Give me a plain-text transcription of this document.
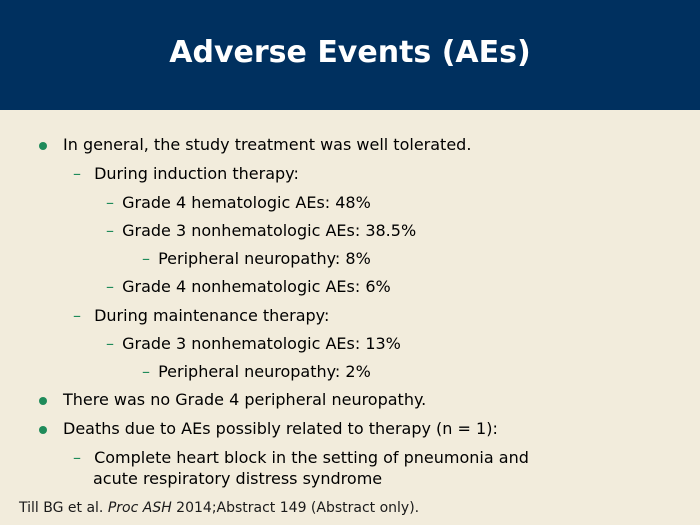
Adverse Events (AEs)
In general, the study treatment was well tolerated.
– During induction therapy:
– Grade 4 hematologic AEs: 48%
– Grade 3 nonhematologic AEs: 38.5%
– Peripheral neuropathy: 8%
– Grade 4 nonhematologic AEs: 6%
– During maintenance therapy:
– Grade 3 nonhematologic AEs: 13%
– Peripheral neuropathy: 2%
There was no Grade 4 peripheral neuropathy.
Deaths due to AEs possibly related to therapy (n = 1):
– Complete heart block in the setting of pneumonia and
acute respiratory distress syndrome
Till BG et al. Proc ASH 2014;Abstract 149 (Abstract only).
